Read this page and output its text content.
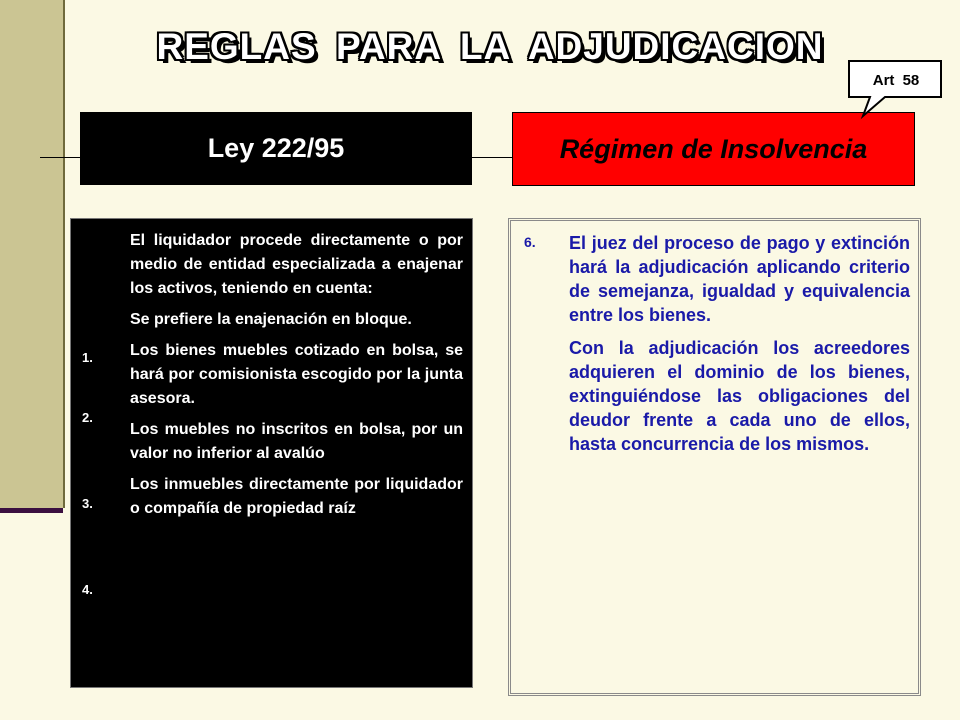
REGLAS PARA LA ADJUDICACION
Ley 222/95	Régimen de Insolvencia
Art 58

El liquidador procede directamente o por medio de entidad especializada a enajenar los activos, teniendo en cuenta:

Se prefiere la enajenación en bloque.

Los bienes muebles cotizado en bolsa, se hará por comisionista escogido por la junta asesora.

Los muebles no inscritos en bolsa, por un valor no inferior al avalúo

Los inmuebles directamente por liquidador o compañía de propiedad raíz

1.
2.
3.
4.
6. El juez del proceso de pago y extinción hará la adjudicación aplicando criterio de semejanza, igualdad y equivalencia entre los bienes.

Con la adjudicación los acreedores adquieren el dominio de los bienes, extinguiéndose las obligaciones del deudor frente a cada uno de ellos, hasta concurrencia de los mismos.
